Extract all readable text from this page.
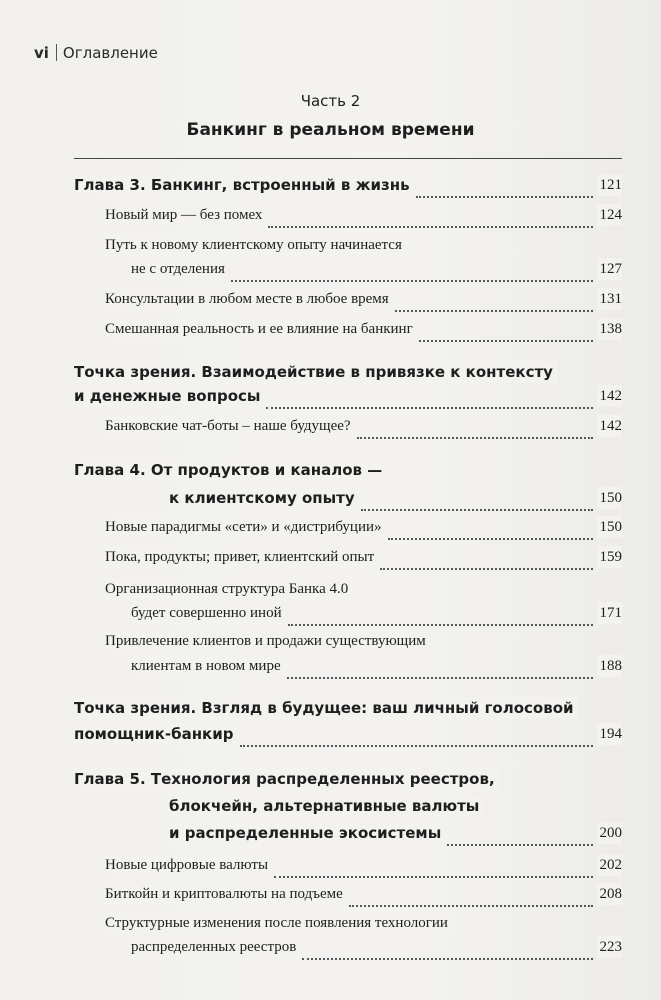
vi Оглавление
Часть 2
Банкинг в реальном времени
Глава 3. Банкинг, встроенный в жизнь	121
Новый мир — без помех	124
Путь к новому клиентскому опыту начинается
не с отделения	127
Консультации в любом месте в любое время	131
Смешанная реальность и ее влияние на банкинг	138
Точка зрения. Взаимодействие в привязке к контексту
и денежные вопросы	142
Банковские чат-боты – наше будущее?	142
Глава 4. От продуктов и каналов —
к клиентскому опыту	150
Новые парадигмы «сети» и «дистрибуции»	150
Пока, продукты; привет, клиентский опыт	159
Организационная структура Банка 4.0
будет совершенно иной	171
Привлечение клиентов и продажи существующим
клиентам в новом мире	188
Точка зрения. Взгляд в будущее: ваш личный голосовой
помощник-банкир	194
Глава 5. Технология распределенных реестров,
блокчейн, альтернативные валюты
и распределенные экосистемы	200
Новые цифровые валюты	202
Биткойн и криптовалюты на подъеме	208
Структурные изменения после появления технологии
распределенных реестров	223
